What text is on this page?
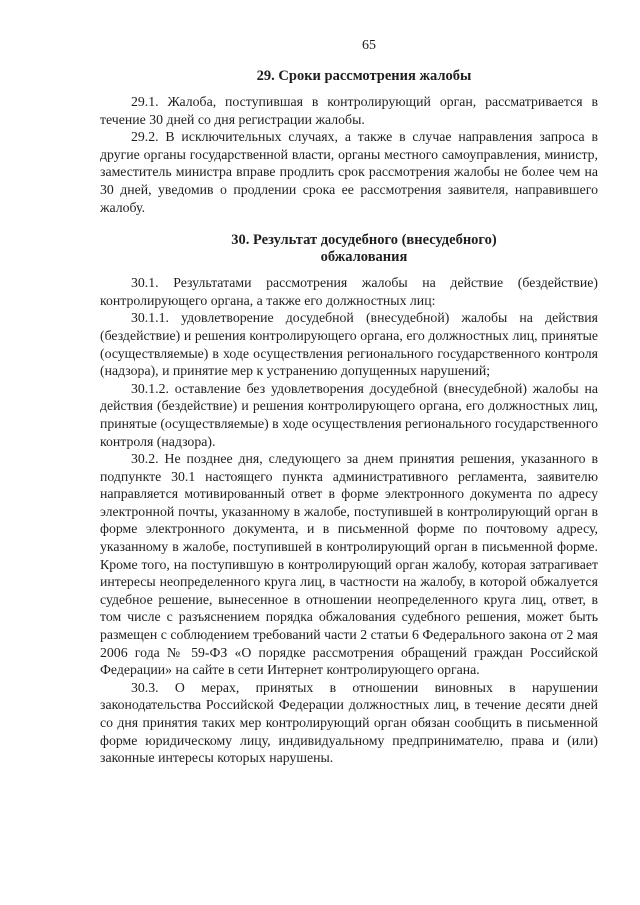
65
29. Сроки рассмотрения жалобы

29.1. Жалоба, поступившая в контролирующий орган, рассматривается в течение 30 дней со дня регистрации жалобы.

29.2. В исключительных случаях, а также в случае направления запроса в другие органы государственной власти, органы местного самоуправления, министр, заместитель министра вправе продлить срок рассмотрения жалобы не более чем на 30 дней, уведомив о продлении срока ее рассмотрения заявителя, направившего жалобу.

30. Результат досудебного (внесудебного)
обжалования

30.1. Результатами рассмотрения жалобы на действие (бездействие) контролирующего органа, а также его должностных лиц:

30.1.1. удовлетворение досудебной (внесудебной) жалобы на действия (бездействие) и решения контролирующего органа, его должностных лиц, принятые (осуществляемые) в ходе осуществления регионального государственного контроля (надзора), и принятие мер к устранению допущенных нарушений;

30.1.2. оставление без удовлетворения досудебной (внесудебной) жалобы на действия (бездействие) и решения контролирующего органа, его должностных лиц, принятые (осуществляемые) в ходе осуществления регионального государственного контроля (надзора).

30.2. Не позднее дня, следующего за днем принятия решения, указанного в подпункте 30.1 настоящего пункта административного регламента, заявителю направляется мотивированный ответ в форме электронного документа по адресу электронной почты, указанному в жалобе, поступившей в контролирующий орган в форме электронного документа, и в письменной форме по почтовому адресу, указанному в жалобе, поступившей в контролирующий орган в письменной форме. Кроме того, на поступившую в контролирующий орган жалобу, которая затрагивает интересы неопределенного круга лиц, в частности на жалобу, в которой обжалуется судебное решение, вынесенное в отношении неопределенного круга лиц, ответ, в том числе с разъяснением порядка обжалования судебного решения, может быть размещен с соблюдением требований части 2 статьи 6 Федерального закона от 2 мая 2006 года № 59-ФЗ «О порядке рассмотрения обращений граждан Российской Федерации» на сайте в сети Интернет контролирующего органа.

30.3. О мерах, принятых в отношении виновных в нарушении законодательства Российской Федерации должностных лиц, в течение десяти дней со дня принятия таких мер контролирующий орган обязан сообщить в письменной форме юридическому лицу, индивидуальному предпринимателю, права и (или) законные интересы которых нарушены.
